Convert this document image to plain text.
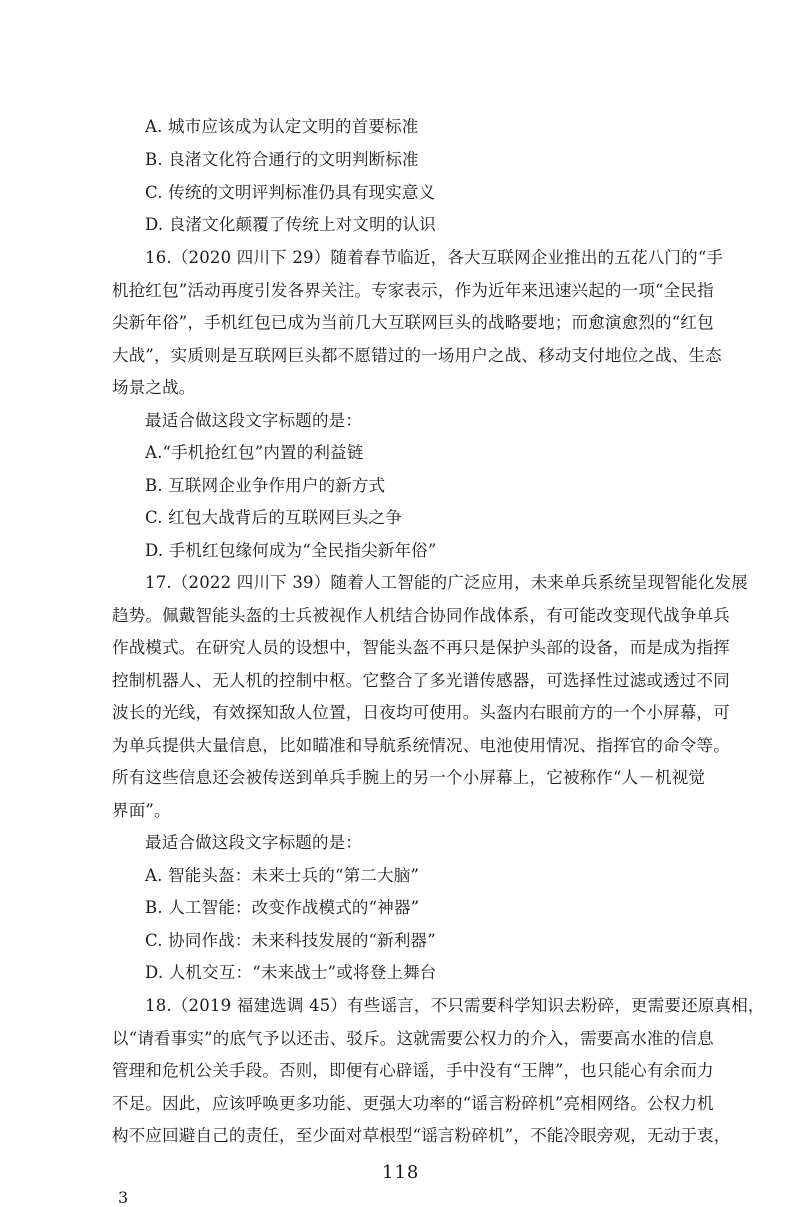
A. 城市应该成为认定文明的首要标准
B. 良渚文化符合通行的文明判断标准
C. 传统的文明评判标准仍具有现实意义
D. 良渚文化颠覆了传统上对文明的认识
16.（2020 四川下 29）随着春节临近，各大互联网企业推出的五花八门的“手
机抢红包”活动再度引发各界关注。专家表示，作为近年来迅速兴起的一项“全民指
尖新年俗”，手机红包已成为当前几大互联网巨头的战略要地；而愈演愈烈的“红包
大战”，实质则是互联网巨头都不愿错过的一场用户之战、移动支付地位之战、生态
场景之战。
最适合做这段文字标题的是：
A.“手机抢红包”内置的利益链
B. 互联网企业争作用户的新方式
C. 红包大战背后的互联网巨头之争
D. 手机红包缘何成为“全民指尖新年俗”
17.（2022 四川下 39）随着人工智能的广泛应用，未来单兵系统呈现智能化发展
趋势。佩戴智能头盔的士兵被视作人机结合协同作战体系，有可能改变现代战争单兵
作战模式。在研究人员的设想中，智能头盔不再只是保护头部的设备，而是成为指挥
控制机器人、无人机的控制中枢。它整合了多光谱传感器，可选择性过滤或透过不同
波长的光线，有效探知敌人位置，日夜均可使用。头盔内右眼前方的一个小屏幕，可
为单兵提供大量信息，比如瞄准和导航系统情况、电池使用情况、指挥官的命令等。
所有这些信息还会被传送到单兵手腕上的另一个小屏幕上，它被称作“人－机视觉
界面”。
最适合做这段文字标题的是：
A. 智能头盔：未来士兵的“第二大脑”
B. 人工智能：改变作战模式的“神器”
C. 协同作战：未来科技发展的“新利器”
D. 人机交互：“未来战士”或将登上舞台
18.（2019 福建选调 45）有些谣言，不只需要科学知识去粉碎，更需要还原真相，
以“请看事实”的底气予以还击、驳斥。这就需要公权力的介入，需要高水准的信息
管理和危机公关手段。否则，即便有心辟谣，手中没有“王牌”，也只能心有余而力
不足。因此，应该呼唤更多功能、更强大功率的“谣言粉碎机”亮相网络。公权力机
构不应回避自己的责任，至少面对草根型“谣言粉碎机”，不能冷眼旁观，无动于衷，
118
3
